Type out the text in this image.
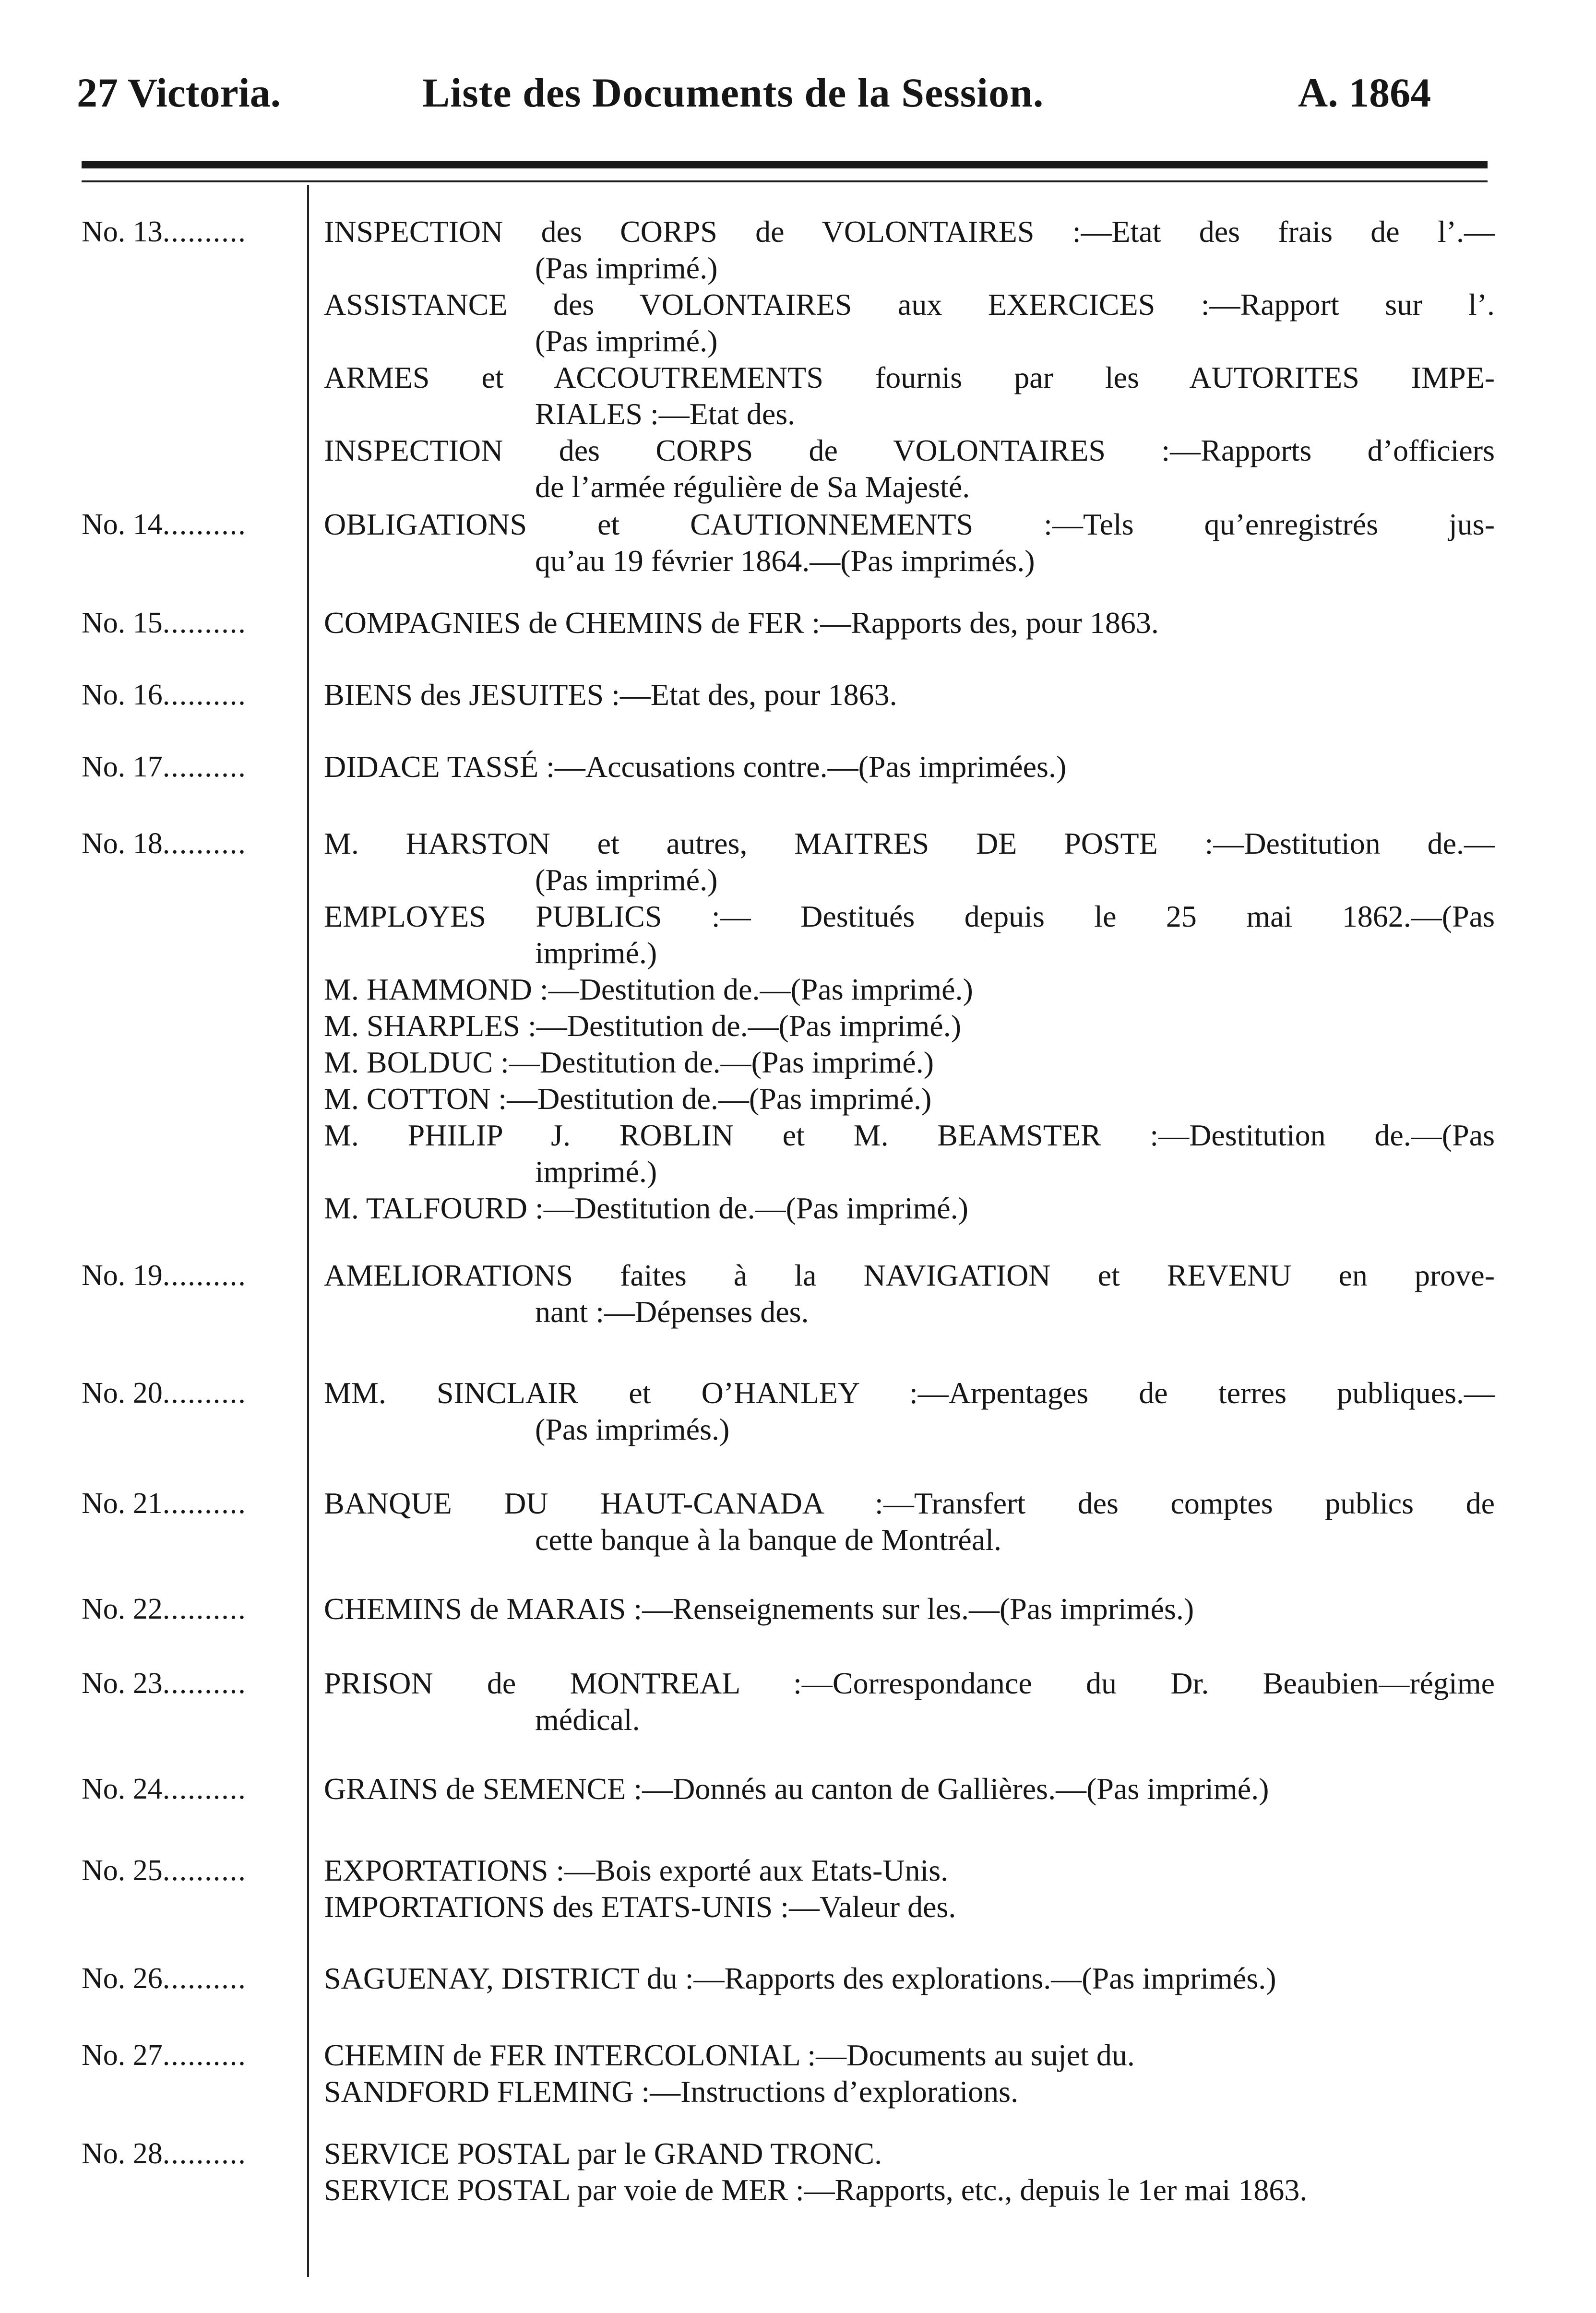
27 Victoria.	Liste des Documents de la Session.	A. 1864
No. 13..........	INSPECTION des CORPS de VOLONTAIRES :—Etat des frais de l’.—
(Pas imprimé.)
ASSISTANCE des VOLONTAIRES aux EXERCICES :—Rapport sur l’.
(Pas imprimé.)
ARMES et ACCOUTREMENTS fournis par les AUTORITES IMPE-
RIALES :—Etat des.
INSPECTION des CORPS de VOLONTAIRES :—Rapports d’officiers
de l’armée régulière de Sa Majesté.
No. 14..........	OBLIGATIONS et CAUTIONNEMENTS :—Tels qu’enregistrés jus-
qu’au 19 février 1864.—(Pas imprimés.)
No. 15..........	COMPAGNIES de CHEMINS de FER :—Rapports des, pour 1863.
No. 16..........	BIENS des JESUITES :—Etat des, pour 1863.
No. 17..........	DIDACE TASSÉ :—Accusations contre.—(Pas imprimées.)
No. 18..........	M. HARSTON et autres, MAITRES DE POSTE :—Destitution de.—
(Pas imprimé.)
EMPLOYES PUBLICS :— Destitués depuis le 25 mai 1862.—(Pas
imprimé.)
M. HAMMOND :—Destitution de.—(Pas imprimé.)
M. SHARPLES :—Destitution de.—(Pas imprimé.)
M. BOLDUC :—Destitution de.—(Pas imprimé.)
M. COTTON :—Destitution de.—(Pas imprimé.)
M. PHILIP J. ROBLIN et M. BEAMSTER :—Destitution de.—(Pas
imprimé.)
M. TALFOURD :—Destitution de.—(Pas imprimé.)
No. 19..........	AMELIORATIONS faites à la NAVIGATION et REVENU en prove-
nant :—Dépenses des.
No. 20..........	MM. SINCLAIR et O’HANLEY :—Arpentages de terres publiques.—
(Pas imprimés.)
No. 21..........	BANQUE DU HAUT-CANADA :—Transfert des comptes publics de
cette banque à la banque de Montréal.
No. 22..........	CHEMINS de MARAIS :—Renseignements sur les.—(Pas imprimés.)
No. 23..........	PRISON de MONTREAL :—Correspondance du Dr. Beaubien—régime
médical.
No. 24..........	GRAINS de SEMENCE :—Donnés au canton de Gallières.—(Pas imprimé.)
No. 25..........	EXPORTATIONS :—Bois exporté aux Etats-Unis.
IMPORTATIONS des ETATS-UNIS :—Valeur des.
No. 26..........	SAGUENAY, DISTRICT du :—Rapports des explorations.—(Pas imprimés.)
No. 27..........	CHEMIN de FER INTERCOLONIAL :—Documents au sujet du.
SANDFORD FLEMING :—Instructions d’explorations.
No. 28..........	SERVICE POSTAL par le GRAND TRONC.
SERVICE POSTAL par voie de MER :—Rapports, etc., depuis le 1er mai 1863.
